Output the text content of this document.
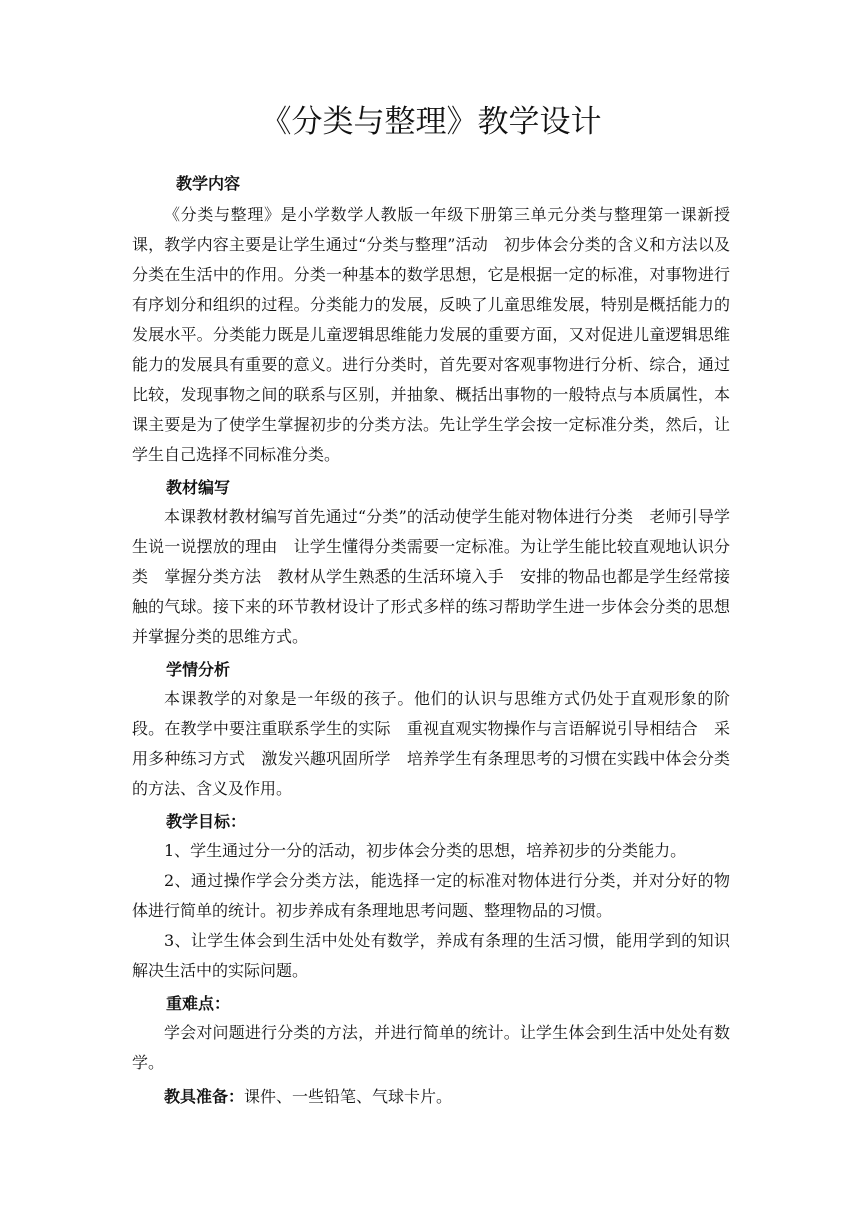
《分类与整理》教学设计

教学内容

《分类与整理》是小学数学人教版一年级下册第三单元分类与整理第一课新授课，教学内容主要是让学生通过“分类与整理”活动　初步体会分类的含义和方法以及分类在生活中的作用。分类一种基本的数学思想，它是根据一定的标准，对事物进行有序划分和组织的过程。分类能力的发展，反映了儿童思维发展，特别是概括能力的发展水平。分类能力既是儿童逻辑思维能力发展的重要方面，又对促进儿童逻辑思维能力的发展具有重要的意义。进行分类时，首先要对客观事物进行分析、综合，通过比较，发现事物之间的联系与区别，并抽象、概括出事物的一般特点与本质属性，本课主要是为了使学生掌握初步的分类方法。先让学生学会按一定标准分类，然后，让学生自己选择不同标准分类。

教材编写

本课教材教材编写首先通过“分类”的活动使学生能对物体进行分类　老师引导学生说一说摆放的理由　让学生懂得分类需要一定标准。为让学生能比较直观地认识分类　掌握分类方法　教材从学生熟悉的生活环境入手　安排的物品也都是学生经常接触的气球。接下来的环节教材设计了形式多样的练习帮助学生进一步体会分类的思想并掌握分类的思维方式。

学情分析

本课教学的对象是一年级的孩子。他们的认识与思维方式仍处于直观形象的阶段。在教学中要注重联系学生的实际　重视直观实物操作与言语解说引导相结合　采用多种练习方式　激发兴趣巩固所学　培养学生有条理思考的习惯在实践中体会分类的方法、含义及作用。

教学目标：

1、学生通过分一分的活动，初步体会分类的思想，培养初步的分类能力。

2、通过操作学会分类方法，能选择一定的标准对物体进行分类，并对分好的物体进行简单的统计。初步养成有条理地思考问题、整理物品的习惯。

3、让学生体会到生活中处处有数学，养成有条理的生活习惯，能用学到的知识解决生活中的实际问题。

重难点：

学会对问题进行分类的方法，并进行简单的统计。让学生体会到生活中处处有数学。

教具准备：课件、一些铅笔、气球卡片。
